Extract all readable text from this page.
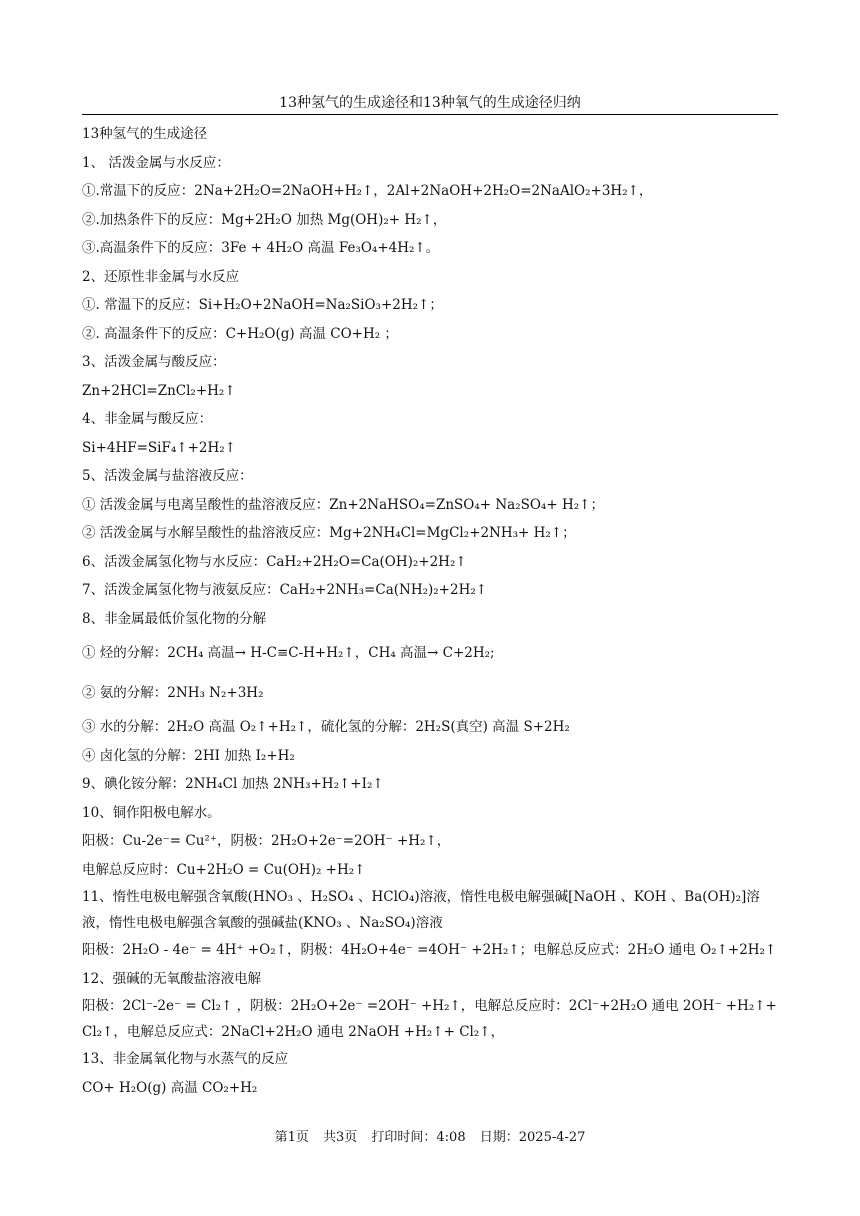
13种氢气的生成途径和13种氧气的生成途径归纳
13种氢气的生成途径
1、 活泼金属与水反应：
①.常温下的反应：2Na+2H₂O=2NaOH+H₂↑，2Al+2NaOH+2H₂O=2NaAlO₂+3H₂↑，
②.加热条件下的反应：Mg+2H₂O 加热 Mg(OH)₂+ H₂↑，
③.高温条件下的反应：3Fe + 4H₂O 高温 Fe₃O₄+4H₂↑。
2、还原性非金属与水反应
①. 常温下的反应：Si+H₂O+2NaOH=Na₂SiO₃+2H₂↑；
②. 高温条件下的反应：C+H₂O(g) 高温 CO+H₂ ；
3、活泼金属与酸反应：
Zn+2HCl=ZnCl₂+H₂↑
4、非金属与酸反应：
Si+4HF=SiF₄↑+2H₂↑
5、活泼金属与盐溶液反应：
① 活泼金属与电离呈酸性的盐溶液反应：Zn+2NaHSO₄=ZnSO₄+ Na₂SO₄+ H₂↑；
② 活泼金属与水解呈酸性的盐溶液反应：Mg+2NH₄Cl=MgCl₂+2NH₃+ H₂↑；
6、活泼金属氢化物与水反应：CaH₂+2H₂O=Ca(OH)₂+2H₂↑
7、活泼金属氢化物与液氨反应：CaH₂+2NH₃=Ca(NH₂)₂+2H₂↑
8、非金属最低价氢化物的分解
① 烃的分解：2CH₄ 高温→ H-C≡C-H+H₂↑，CH₄ 高温→ C+2H₂;
② 氨的分解：2NH₃ N₂+3H₂
③ 水的分解：2H₂O 高温 O₂↑+H₂↑，硫化氢的分解：2H₂S(真空) 高温 S+2H₂
④ 卤化氢的分解：2HI 加热 I₂+H₂
9、碘化铵分解：2NH₄Cl 加热 2NH₃+H₂↑+I₂↑
10、铜作阳极电解水。
阳极：Cu-2e⁻= Cu²⁺，阴极：2H₂O+2e⁻=2OH⁻ +H₂↑，
电解总反应时：Cu+2H₂O = Cu(OH)₂ +H₂↑
11、惰性电极电解强含氧酸(HNO₃ 、H₂SO₄ 、HClO₄)溶液，惰性电极电解强碱[NaOH 、KOH 、Ba(OH)₂]溶液，惰性电极电解强含氧酸的强碱盐(KNO₃ 、Na₂SO₄)溶液
阳极：2H₂O - 4e⁻ = 4H⁺ +O₂↑，阴极：4H₂O+4e⁻ =4OH⁻ +2H₂↑；电解总反应式：2H₂O 通电 O₂↑+2H₂↑
12、强碱的无氧酸盐溶液电解
阳极：2Cl⁻-2e⁻ = Cl₂↑ ，阴极：2H₂O+2e⁻ =2OH⁻ +H₂↑，电解总反应时：2Cl⁻+2H₂O 通电 2OH⁻ +H₂↑+ Cl₂↑，电解总反应式：2NaCl+2H₂O 通电 2NaOH +H₂↑+ Cl₂↑，
13、非金属氧化物与水蒸气的反应
CO+ H₂O(g) 高温 CO₂+H₂
第1页 共3页 打印时间：4:08 日期：2025-4-27
